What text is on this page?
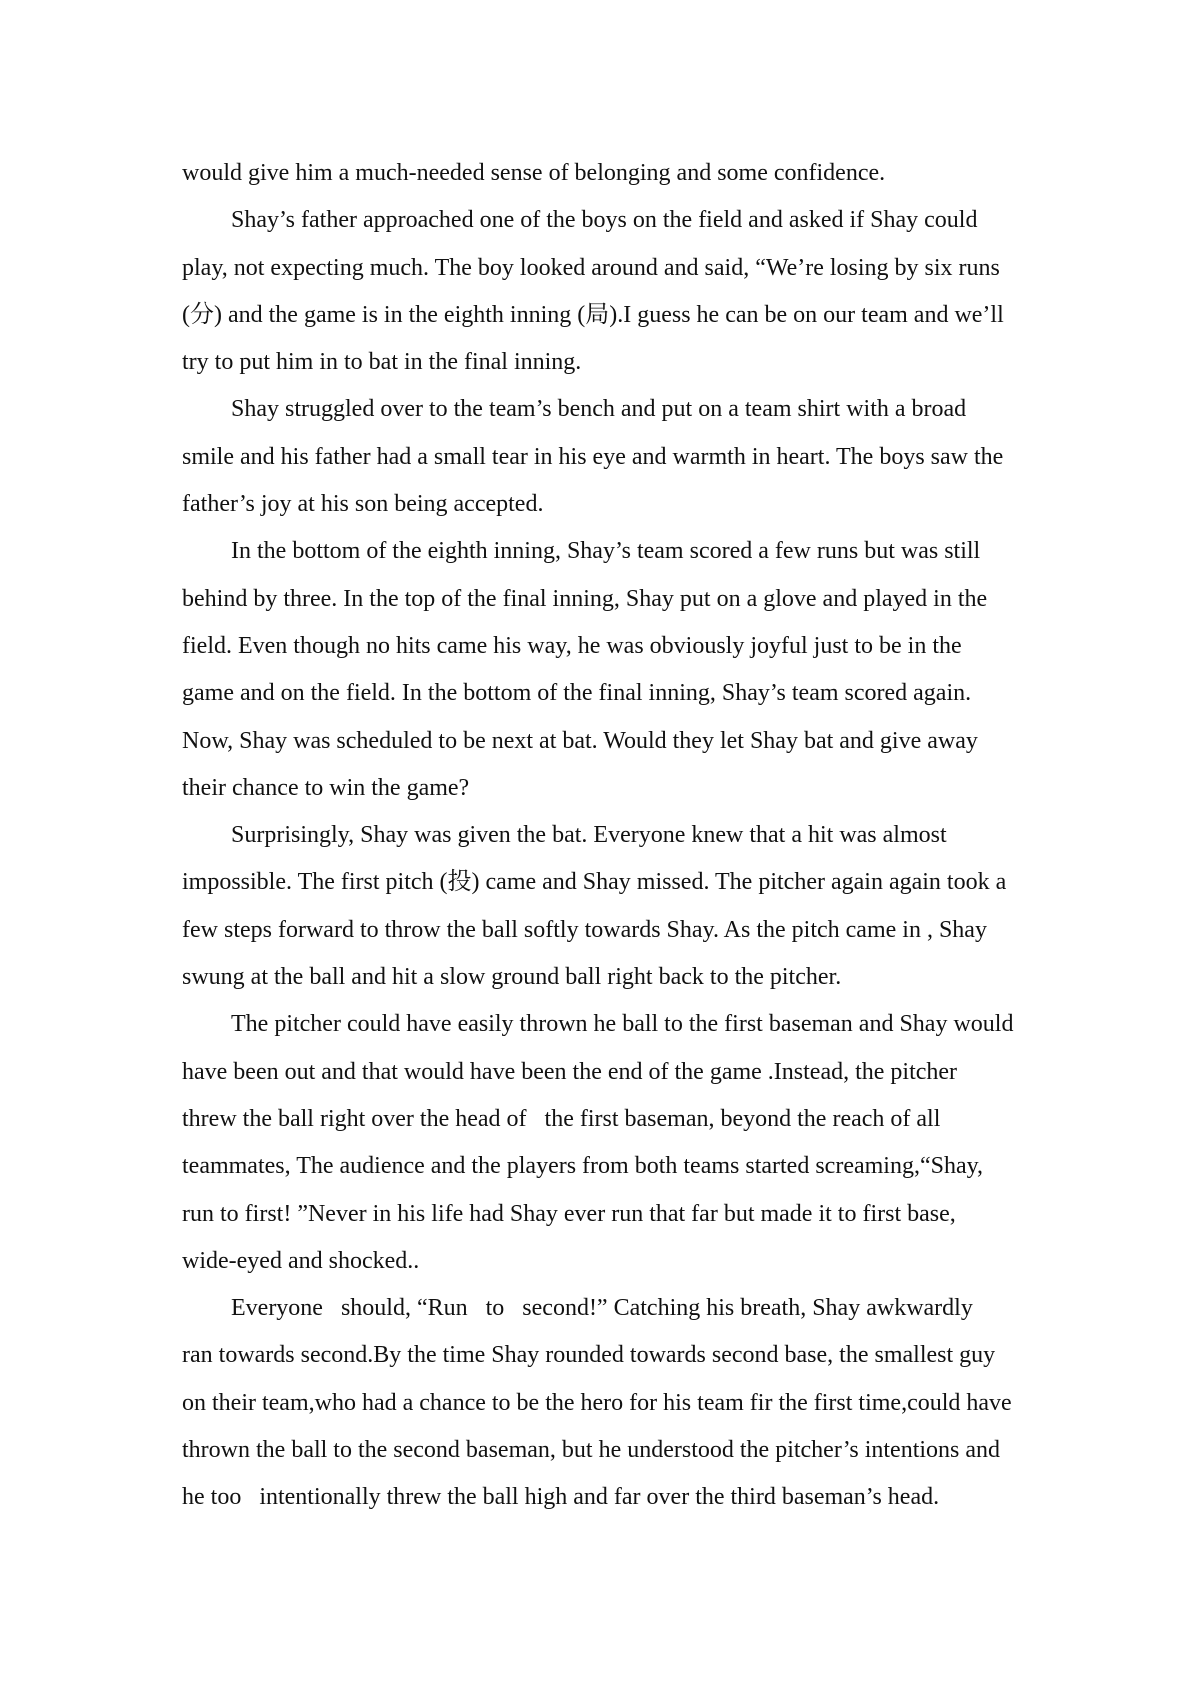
would give him a much-needed sense of belonging and some confidence.

Shay’s father approached one of the boys on the field and asked if Shay could

play, not expecting much. The boy looked around and said, “We’re losing by six runs

(分) and the game is in the eighth inning (局).I guess he can be on our team and we’ll

try to put him in to bat in the final inning.

Shay struggled over to the team’s bench and put on a team shirt with a broad

smile and his father had a small tear in his eye and warmth in heart. The boys saw the

father’s joy at his son being accepted.

In the bottom of the eighth inning, Shay’s team scored a few runs but was still

behind by three. In the top of the final inning, Shay put on a glove and played in the

field. Even though no hits came his way, he was obviously joyful just to be in the

game and on the field. In the bottom of the final inning, Shay’s team scored again.

Now, Shay was scheduled to be next at bat. Would they let Shay bat and give away

their chance to win the game?

Surprisingly, Shay was given the bat. Everyone knew that a hit was almost

impossible. The first pitch (投) came and Shay missed. The pitcher again again took a

few steps forward to throw the ball softly towards Shay. As the pitch came in , Shay

swung at the ball and hit a slow ground ball right back to the pitcher.

The pitcher could have easily thrown he ball to the first baseman and Shay would

have been out and that would have been the end of the game .Instead, the pitcher

threw the ball right over the head of   the first baseman, beyond the reach of all

teammates, The audience and the players from both teams started screaming,“Shay,

run to first! ”Never in his life had Shay ever run that far but made it to first base,

wide-eyed and shocked..

Everyone   should, “Run   to   second!” Catching his breath, Shay awkwardly

ran towards second.By the time Shay rounded towards second base, the smallest guy

on their team,who had a chance to be the hero for his team fir the first time,could have

thrown the ball to the second baseman, but he understood the pitcher’s intentions and

he too   intentionally threw the ball high and far over the third baseman’s head.
